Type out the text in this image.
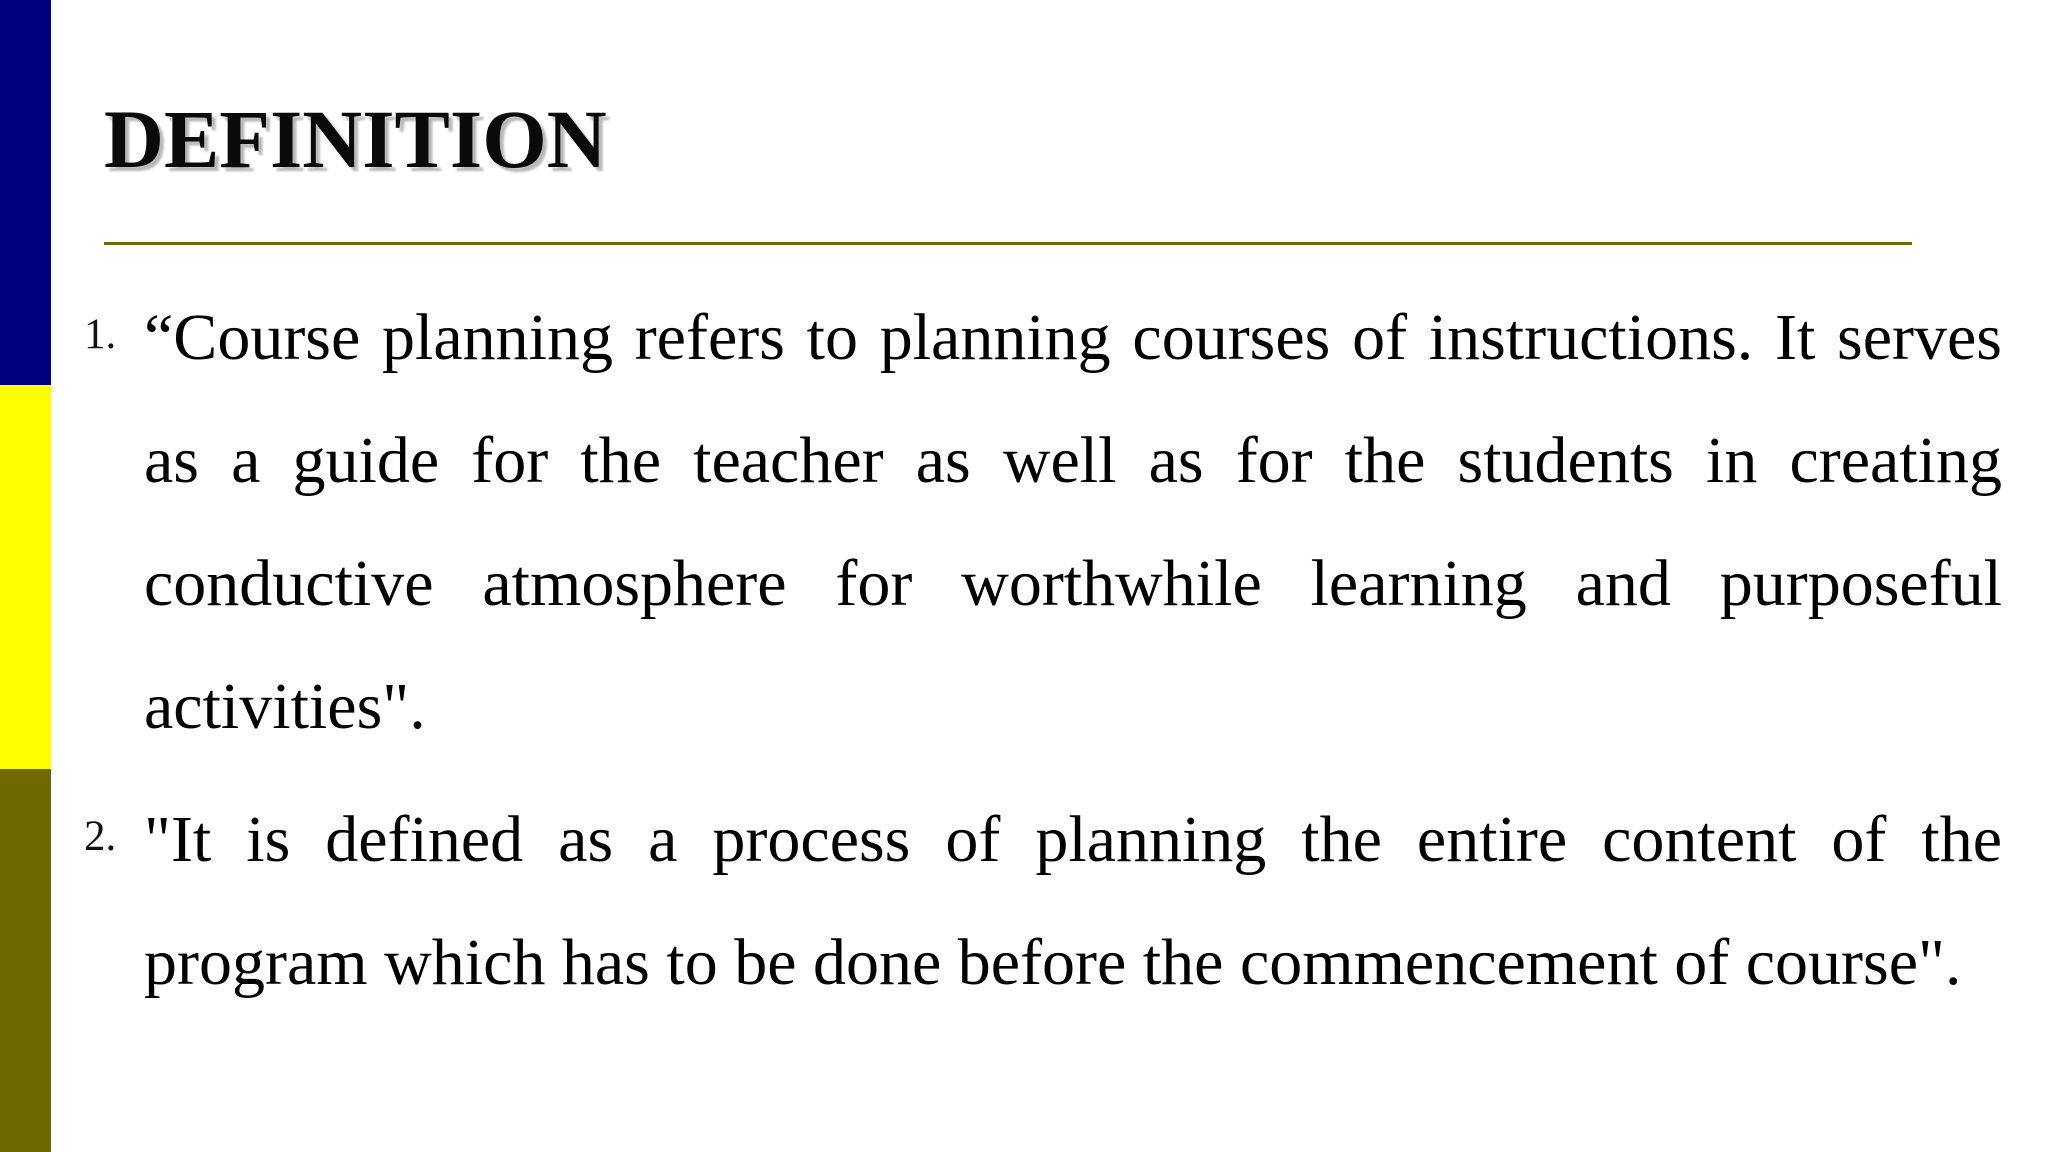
DEFINITION
1. “Course planning refers to planning courses of instructions. It serves as a guide for the teacher as well as for the students in creating conductive atmosphere for worthwhile learning and purposeful activities".

2. "It is defined as a process of planning the entire content of the program which has to be done before the commencement of course".
